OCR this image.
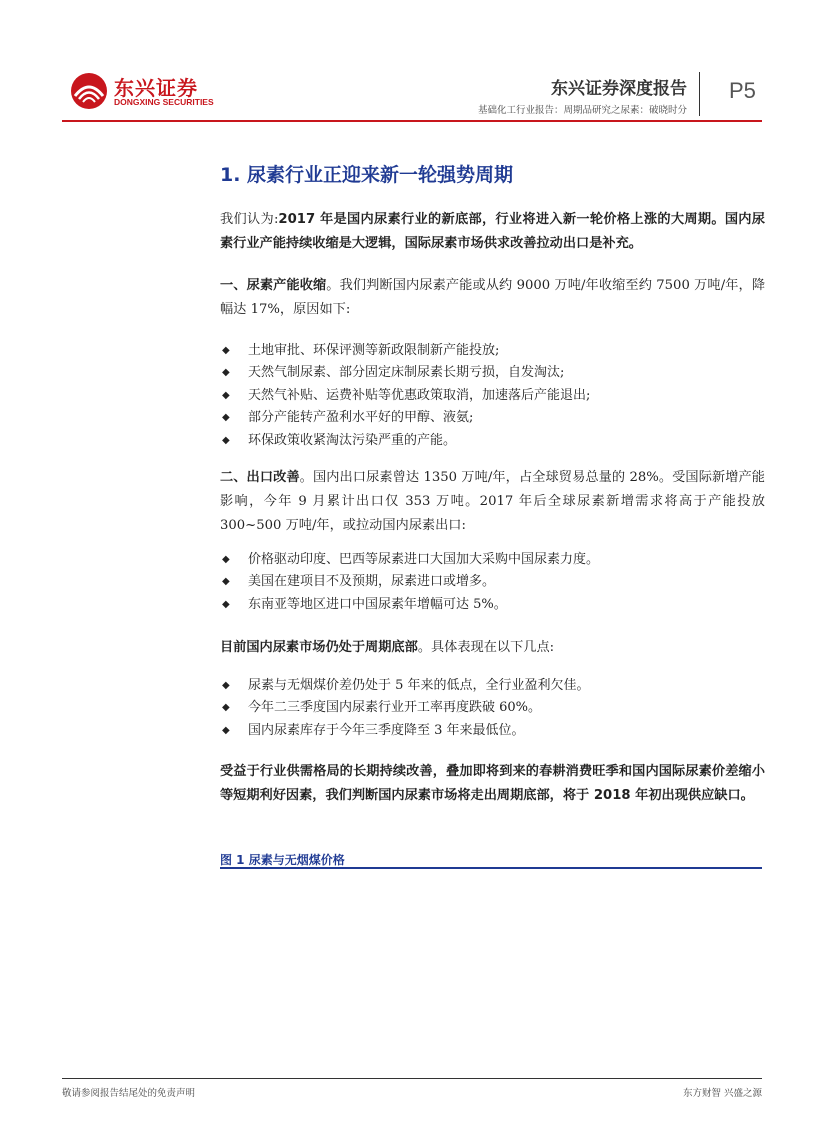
东兴证券
DONGXING SECURITIES
东兴证券深度报告
基础化工行业报告：周期品研究之尿素：破晓时分
P5
1. 尿素行业正迎来新一轮强势周期
我们认为:2017 年是国内尿素行业的新底部，行业将进入新一轮价格上涨的大周期。国内尿素行业产能持续收缩是大逻辑，国际尿素市场供求改善拉动出口是补充。
一、尿素产能收缩。我们判断国内尿素产能或从约 9000 万吨/年收缩至约 7500 万吨/年，降幅达 17%，原因如下:
◆ 土地审批、环保评测等新政限制新产能投放;
◆ 天然气制尿素、部分固定床制尿素长期亏损，自发淘汰;
◆ 天然气补贴、运费补贴等优惠政策取消，加速落后产能退出;
◆ 部分产能转产盈利水平好的甲醇、液氨;
◆ 环保政策收紧淘汰污染严重的产能。
二、出口改善。国内出口尿素曾达 1350 万吨/年，占全球贸易总量的 28%。受国际新增产能影响，今年 9 月累计出口仅 353 万吨。2017 年后全球尿素新增需求将高于产能投放 300~500 万吨/年，或拉动国内尿素出口:
◆ 价格驱动印度、巴西等尿素进口大国加大采购中国尿素力度。
◆ 美国在建项目不及预期，尿素进口或增多。
◆ 东南亚等地区进口中国尿素年增幅可达 5%。
目前国内尿素市场仍处于周期底部。具体表现在以下几点:
◆ 尿素与无烟煤价差仍处于 5 年来的低点，全行业盈利欠佳。
◆ 今年二三季度国内尿素行业开工率再度跌破 60%。
◆ 国内尿素库存于今年三季度降至 3 年来最低位。
受益于行业供需格局的长期持续改善，叠加即将到来的春耕消费旺季和国内国际尿素价差缩小等短期利好因素，我们判断国内尿素市场将走出周期底部，将于 2018 年初出现供应缺口。
图 1 尿素与无烟煤价格
敬请参阅报告结尾处的免责声明	东方财智 兴盛之源
